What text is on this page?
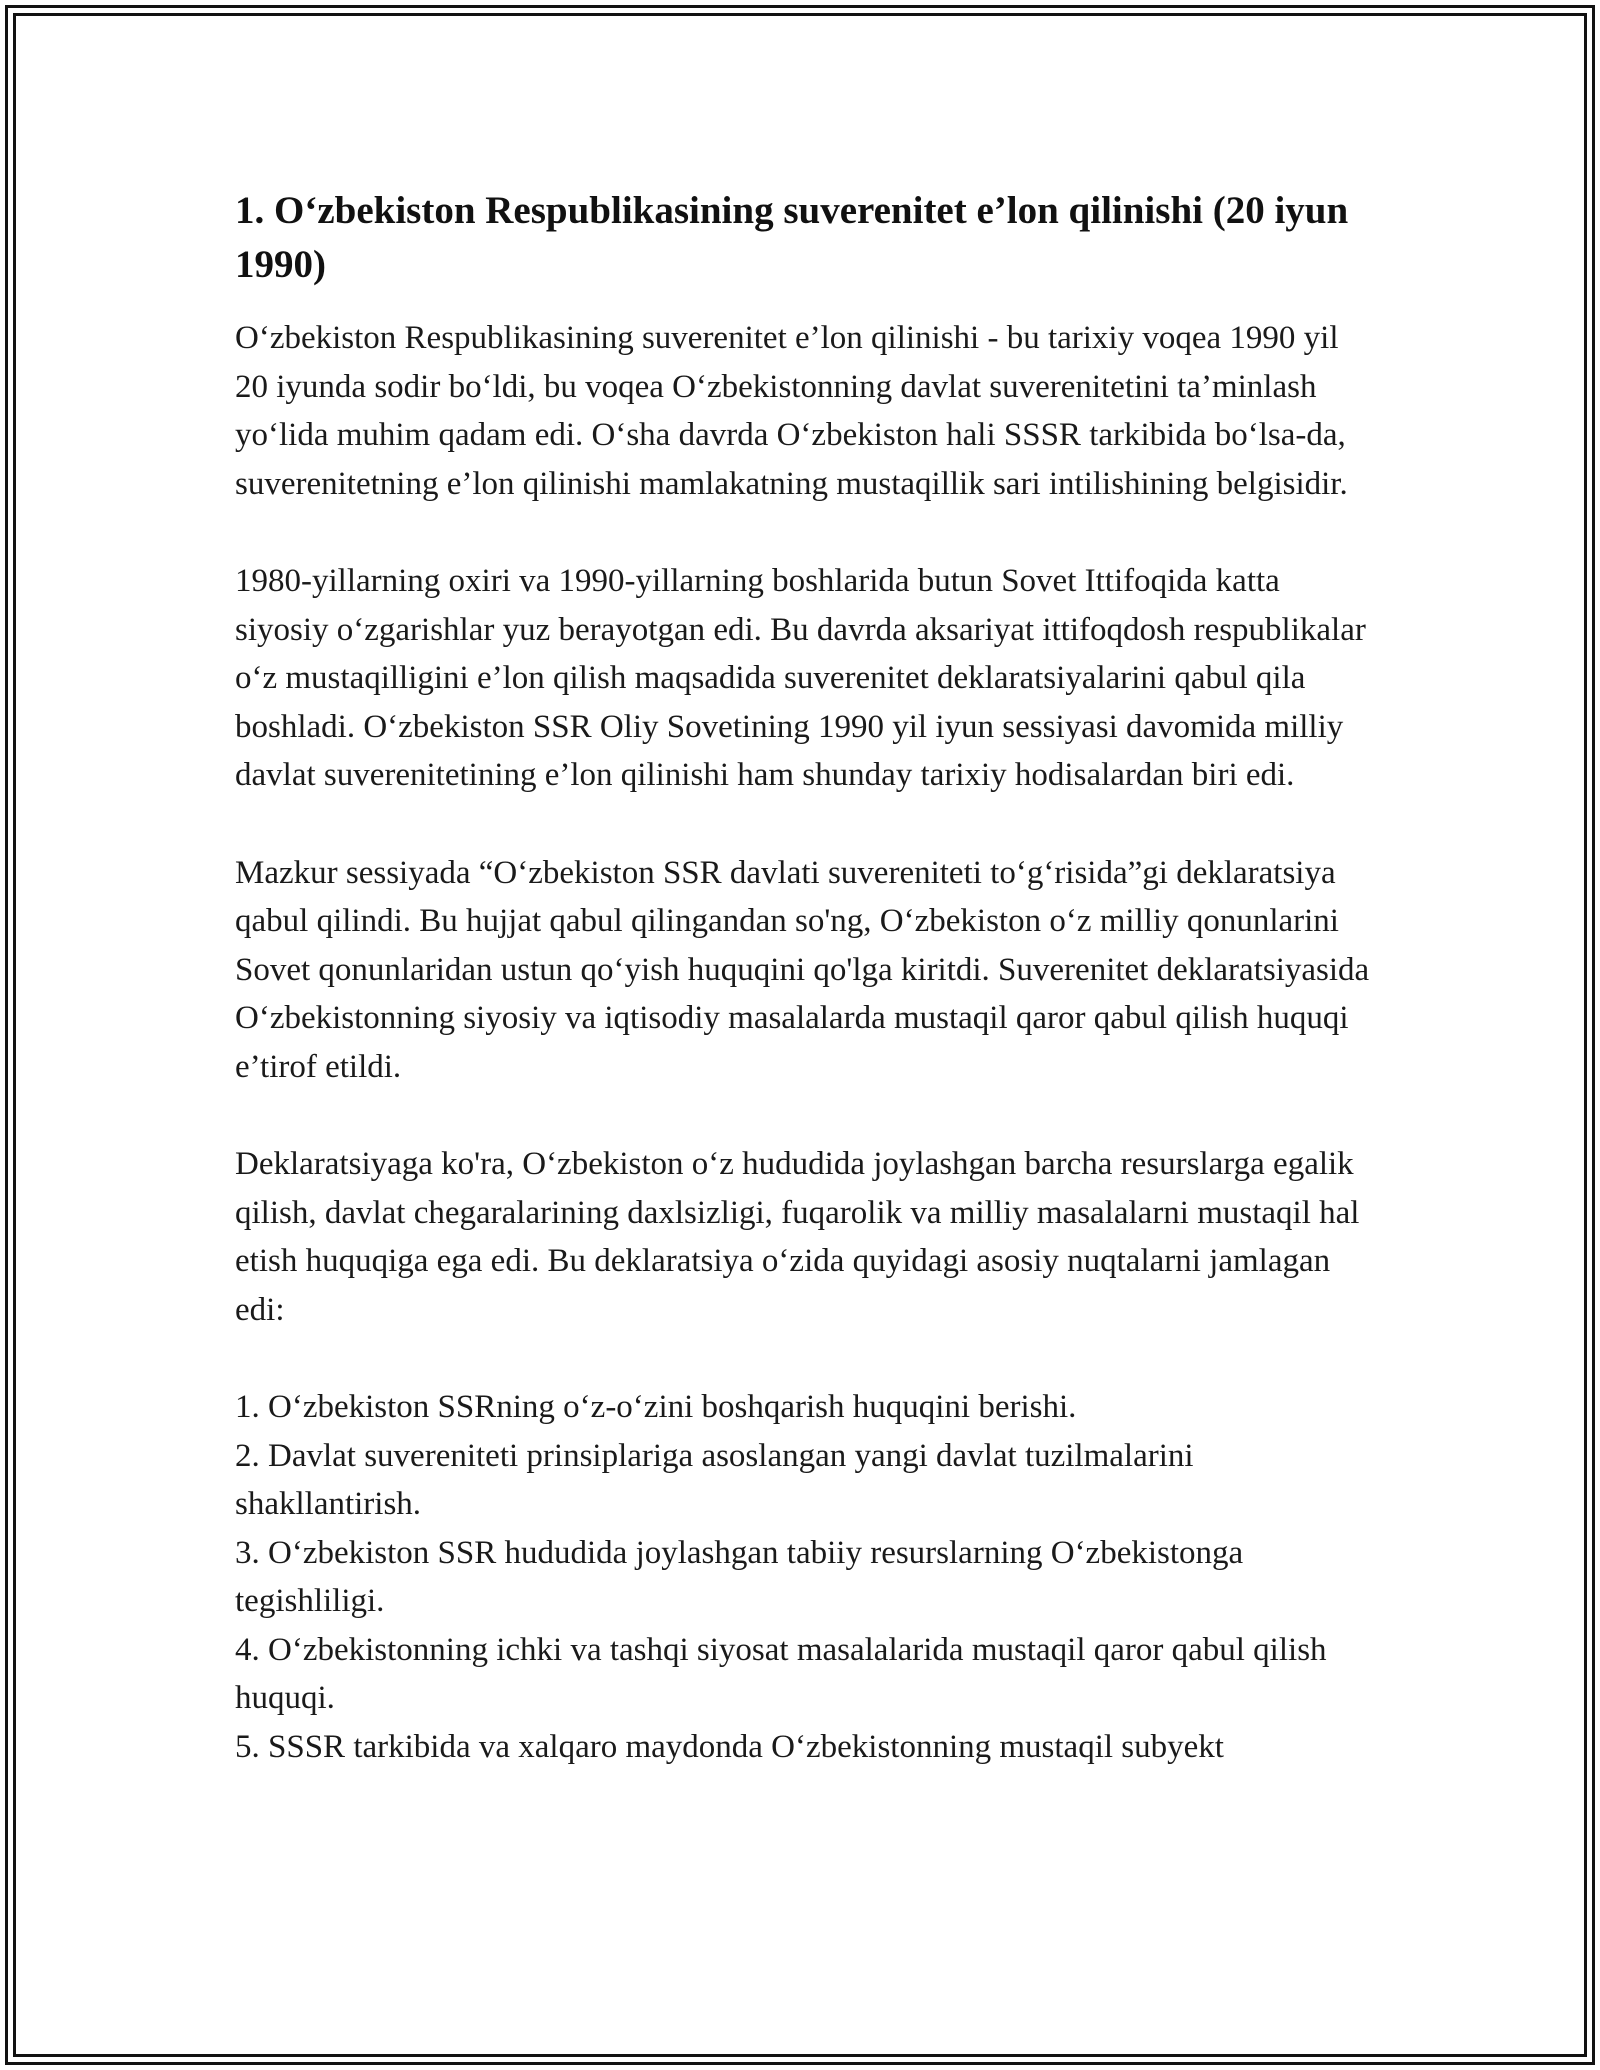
1. O‘zbekiston Respublikasining suverenitet e’lon qilinishi (20 iyun 1990)

O‘zbekiston Respublikasining suverenitet e’lon qilinishi - bu tarixiy voqea 1990 yil 20 iyunda sodir bo‘ldi, bu voqea O‘zbekistonning davlat suverenitetini ta’minlash yo‘lida muhim qadam edi. O‘sha davrda O‘zbekiston hali SSSR tarkibida bo‘lsa-da, suverenitetning e’lon qilinishi mamlakatning mustaqillik sari intilishining belgisidir.

1980-yillarning oxiri va 1990-yillarning boshlarida butun Sovet Ittifoqida katta siyosiy o‘zgarishlar yuz berayotgan edi. Bu davrda aksariyat ittifoqdosh respublikalar o‘z mustaqilligini e’lon qilish maqsadida suverenitet deklaratsiyalarini qabul qila boshladi. O‘zbekiston SSR Oliy Sovetining 1990 yil iyun sessiyasi davomida milliy davlat suverenitetining e’lon qilinishi ham shunday tarixiy hodisalardan biri edi.

Mazkur sessiyada “O‘zbekiston SSR davlati suvereniteti to‘g‘risida”gi deklaratsiya qabul qilindi. Bu hujjat qabul qilingandan so'ng, O‘zbekiston o‘z milliy qonunlarini Sovet qonunlaridan ustun qo‘yish huquqini qo'lga kiritdi. Suverenitet deklaratsiyasida O‘zbekistonning siyosiy va iqtisodiy masalalarda mustaqil qaror qabul qilish huquqi e’tirof etildi.

Deklaratsiyaga ko'ra, O‘zbekiston o‘z hududida joylashgan barcha resurslarga egalik qilish, davlat chegaralarining daxlsizligi, fuqarolik va milliy masalalarni mustaqil hal etish huquqiga ega edi. Bu deklaratsiya o‘zida quyidagi asosiy nuqtalarni jamlagan edi:

1. O‘zbekiston SSRning o‘z-o‘zini boshqarish huquqini berishi.
2. Davlat suvereniteti prinsiplariga asoslangan yangi davlat tuzilmalarini shakllantirish.
3. O‘zbekiston SSR hududida joylashgan tabiiy resurslarning O‘zbekistonga tegishliligi.
4. O‘zbekistonning ichki va tashqi siyosat masalalarida mustaqil qaror qabul qilish huquqi.
5. SSSR tarkibida va xalqaro maydonda O‘zbekistonning mustaqil subyekt
